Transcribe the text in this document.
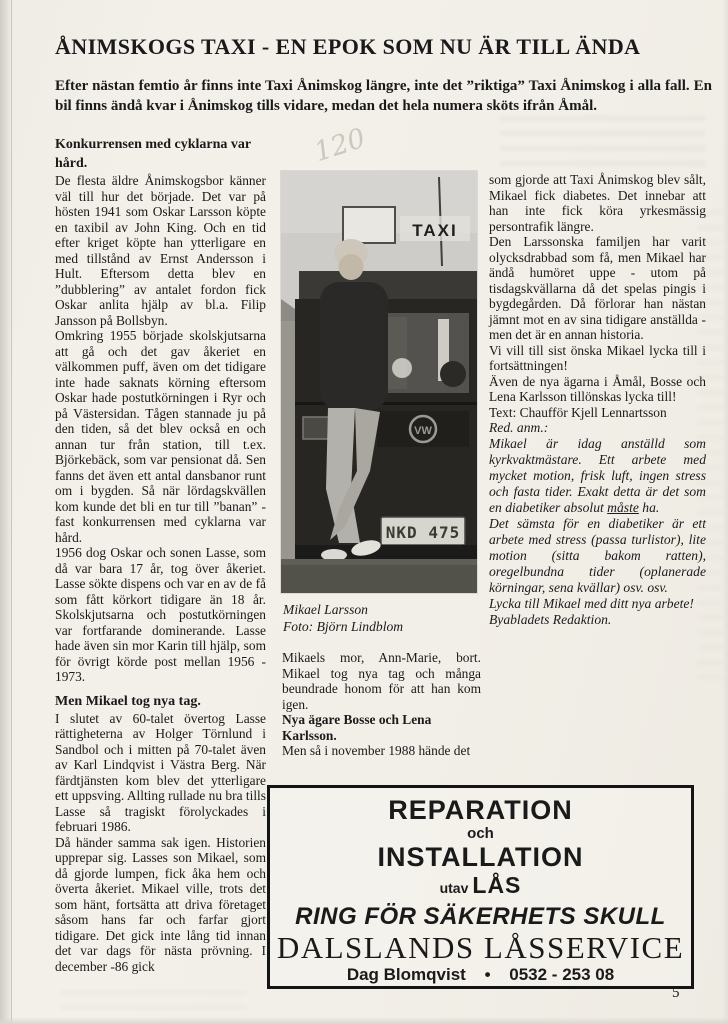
ÅNIMSKOGS TAXI - EN EPOK SOM NU ÄR TILL ÄNDA
Efter nästan femtio år finns inte Taxi Ånimskog längre, inte det ”riktiga” Taxi Ånimskog i alla fall. En bil finns ändå kvar i Ånimskog tills vidare, medan det hela numera sköts ifrån Åmål.
120

Konkurrensen med cyklarna var hård.

De flesta äldre Ånimskogsbor känner väl till hur det började. Det var på hösten 1941 som Oskar Larsson köpte en taxibil av John King. Och en tid efter kriget köpte han ytterligare en med tillstånd av Ernst Andersson i Hult. Eftersom detta blev en ”dubblering” av antalet fordon fick Oskar anlita hjälp av bl.a. Filip Jansson på Bollsbyn.

Omkring 1955 började skolskjutsarna att gå och det gav åkeriet en välkommen puff, även om det tidigare inte hade saknats körning eftersom Oskar hade postutkörningen i Ryr och på Västersidan. Tågen stannade ju på den tiden, så det blev också en och annan tur från station, till t.ex. Björkebäck, som var pensionat då. Sen fanns det även ett antal dansbanor runt om i bygden. Så när lördagskvällen kom kunde det bli en tur till ”banan” - fast konkurrensen med cyklarna var hård.

1956 dog Oskar och sonen Lasse, som då var bara 17 år, tog över åkeriet. Lasse sökte dispens och var en av de få som fått körkort tidigare än 18 år. Skolskjutsarna och postutkörningen var fortfarande dominerande. Lasse hade även sin mor Karin till hjälp, som för övrigt körde post mellan 1956 - 1973.

Men Mikael tog nya tag.

I slutet av 60-talet övertog Lasse rättigheterna av Holger Törnlund i Sandbol och i mitten på 70-talet även av Karl Lindqvist i Västra Berg. När färdtjänsten kom blev det ytterligare ett uppsving. Allting rullade nu bra tills Lasse så tragiskt förolyckades i februari 1986.

Då händer samma sak igen. Historien upprepar sig. Lasses son Mikael, som då gjorde lumpen, fick åka hem och överta åkeriet. Mikael ville, trots det som hänt, fortsätta att driva företaget såsom hans far och farfar gjort tidigare. Det gick inte lång tid innan det var dags för nästa prövning. I december -86 gick

TAXI
VW
NKD 475
Mikael Larsson
Foto: Björn Lindblom

Mikaels mor, Ann-Marie, bort. Mikael tog nya tag och många beundrade honom för att han kom igen.

Nya ägare Bosse och Lena Karlsson.

Men så i november 1988 hände det

som gjorde att Taxi Ånimskog blev sålt, Mikael fick diabetes. Det innebar att han inte fick köra yrkesmässig persontrafik längre.

Den Larssonska familjen har varit olycksdrabbad som få, men Mikael har ändå humöret uppe - utom på tisdagskvällarna då det spelas pingis i bygdegården. Då förlorar han nästan jämnt mot en av sina tidigare anställda - men det är en annan historia.

Vi vill till sist önska Mikael lycka till i fortsättningen!

Även de nya ägarna i Åmål, Bosse och Lena Karlsson tillönskas lycka till!

Text: Chaufför Kjell Lennartsson

Red. anm.:

Mikael är idag anställd som kyrkvaktmästare. Ett arbete med mycket motion, frisk luft, ingen stress och fasta tider. Exakt detta är det som en diabetiker absolut måste ha.

Det sämsta för en diabetiker är ett arbete med stress (passa turlistor), lite motion (sitta bakom ratten), oregelbundna tider (oplanerade körningar, sena kvällar) osv. osv.

Lycka till Mikael med ditt nya arbete!

Byabladets Redaktion.

REPARATION
och
INSTALLATION
utav LÅS
RING FÖR SÄKERHETS SKULL
DALSLANDS LÅSSERVICE
Dag Blomqvist • 0532 - 253 08
5
